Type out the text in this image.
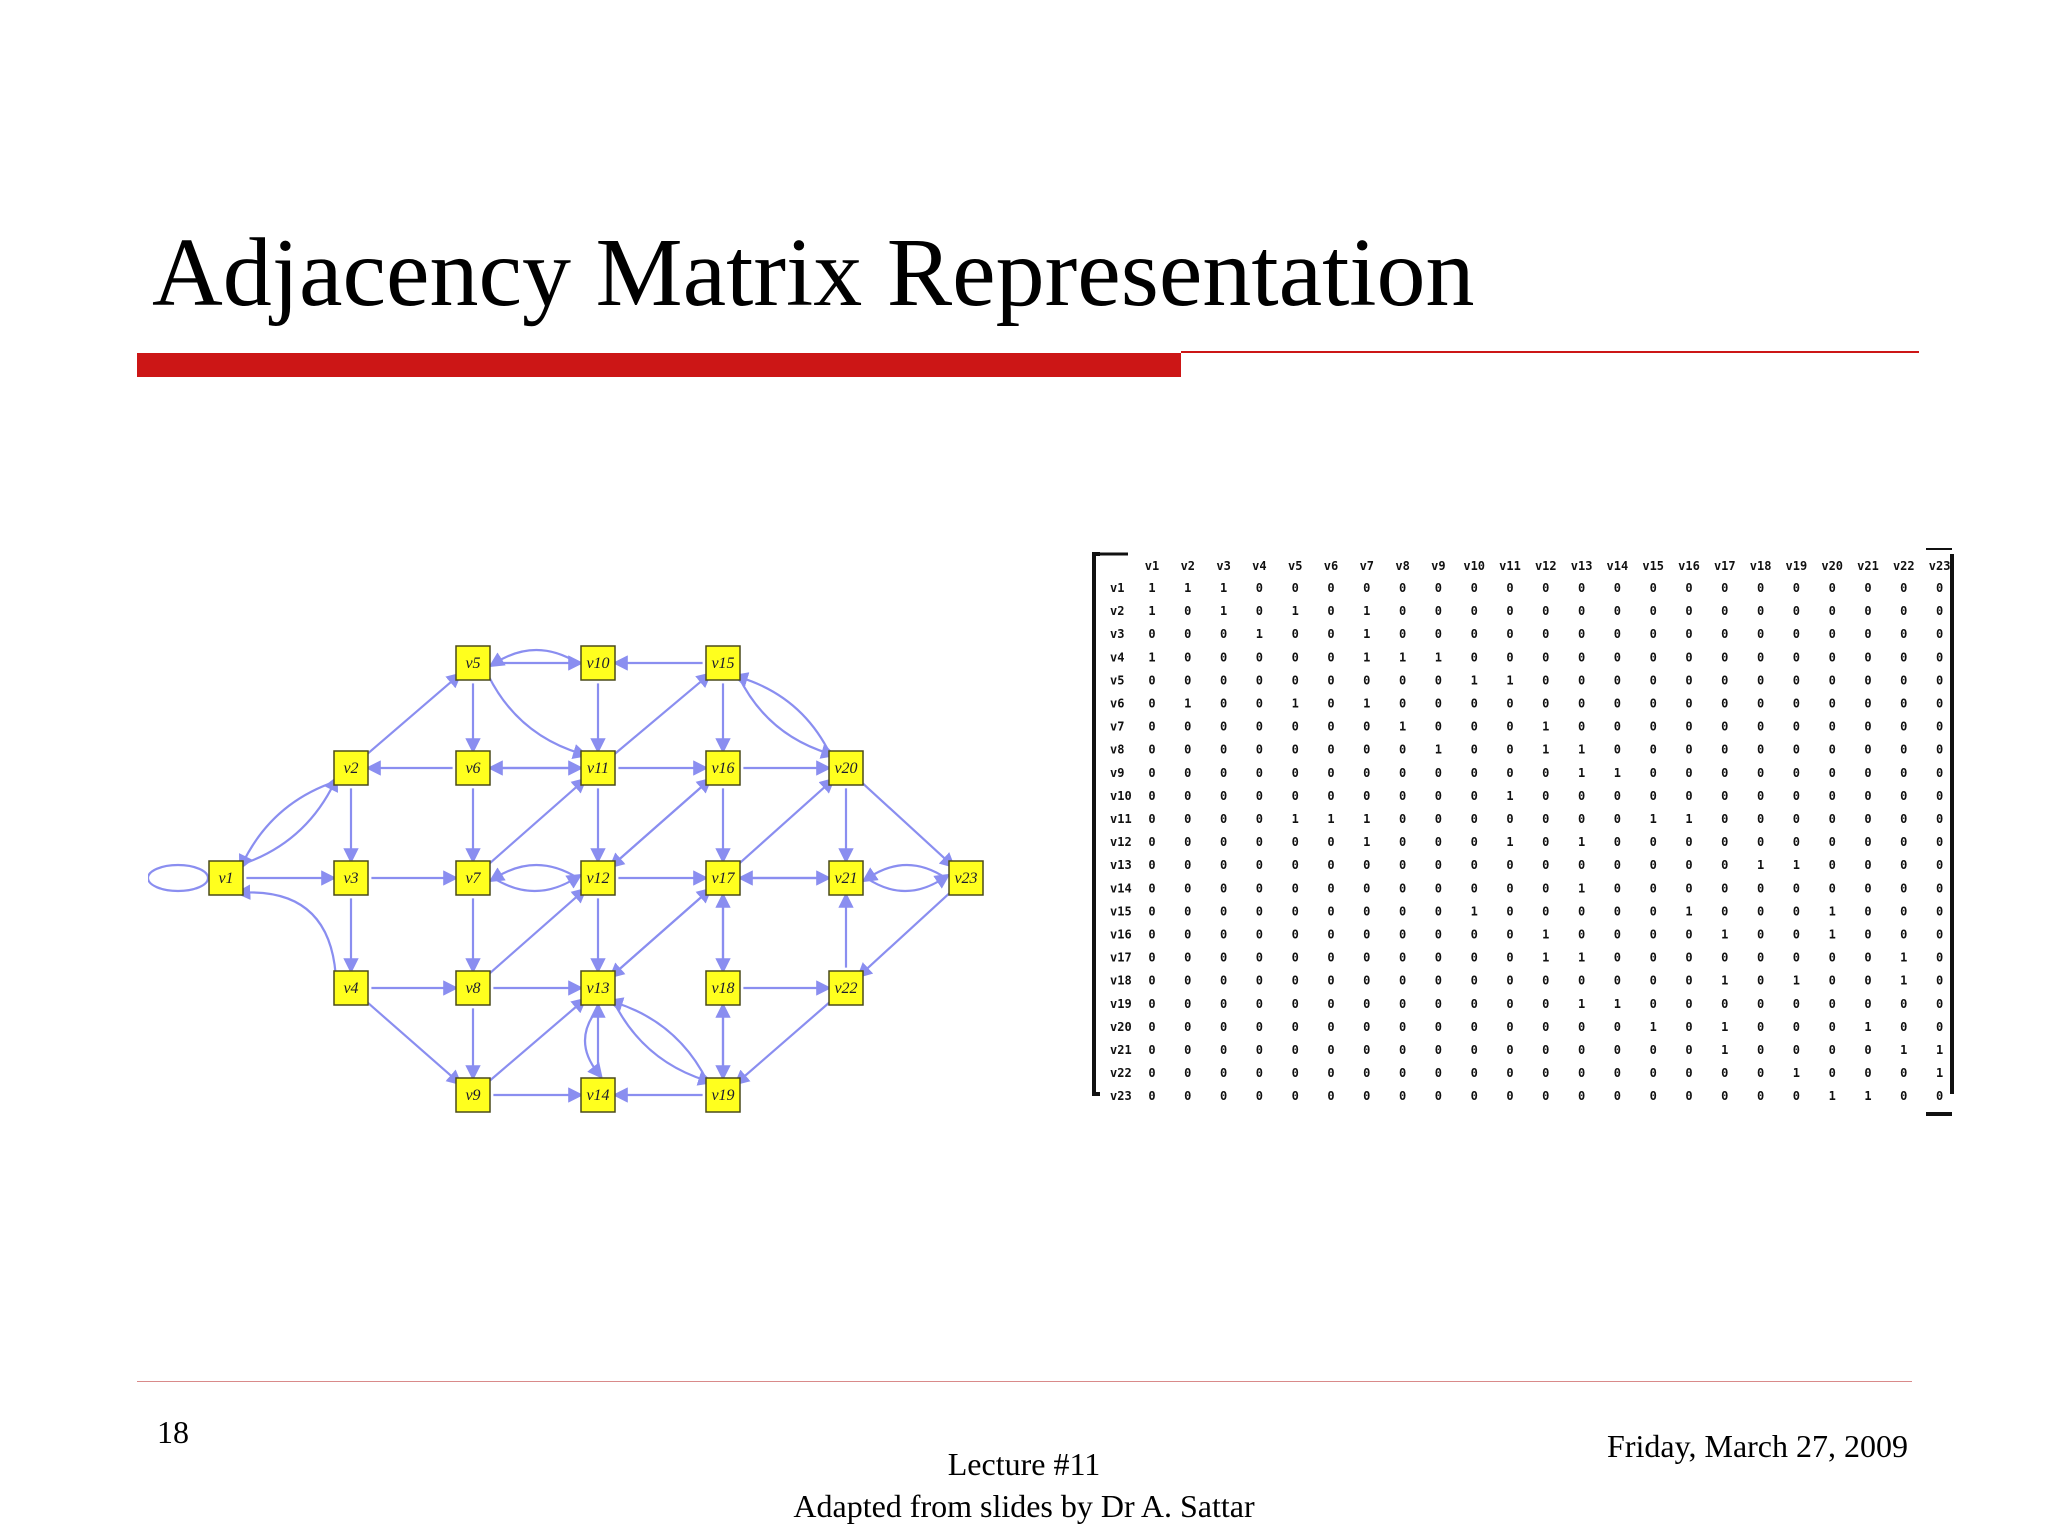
Adjacency Matrix Representation
v1
v2
v3
v4
v5
v6
v7
v8
v9
v10
v11
v12
v13
v14
v15
v16
v17
v18
v19
v20
v21
v22
v23
v1 v2 v3 v4 v5 v6 v7 v8 v9 v10 v11 v12 v13 v14 v15 v16 v17 v18 v19 v20 v21 v22 v23
v1 1 1 1 0 0 0 0 0 0 0 0 0 0 0 0 0 0 0 0 0 0 0 0
v2 1 0 1 0 1 0 1 0 0 0 0 0 0 0 0 0 0 0 0 0 0 0 0
v3 0 0 0 1 0 0 1 0 0 0 0 0 0 0 0 0 0 0 0 0 0 0 0
v4 1 0 0 0 0 0 1 1 1 0 0 0 0 0 0 0 0 0 0 0 0 0 0
v5 0 0 0 0 0 0 0 0 0 1 1 0 0 0 0 0 0 0 0 0 0 0 0
v6 0 1 0 0 1 0 1 0 0 0 0 0 0 0 0 0 0 0 0 0 0 0 0
v7 0 0 0 0 0 0 0 1 0 0 0 1 0 0 0 0 0 0 0 0 0 0 0
v8 0 0 0 0 0 0 0 0 1 0 0 1 1 0 0 0 0 0 0 0 0 0 0
v9 0 0 0 0 0 0 0 0 0 0 0 0 1 1 0 0 0 0 0 0 0 0 0
v10 0 0 0 0 0 0 0 0 0 0 1 0 0 0 0 0 0 0 0 0 0 0 0
v11 0 0 0 0 1 1 1 0 0 0 0 0 0 0 1 1 0 0 0 0 0 0 0
v12 0 0 0 0 0 0 1 0 0 0 1 0 1 0 0 0 0 0 0 0 0 0 0
v13 0 0 0 0 0 0 0 0 0 0 0 0 0 0 0 0 0 1 1 0 0 0 0
v14 0 0 0 0 0 0 0 0 0 0 0 0 1 0 0 0 0 0 0 0 0 0 0
v15 0 0 0 0 0 0 0 0 0 1 0 0 0 0 0 1 0 0 0 1 0 0 0
v16 0 0 0 0 0 0 0 0 0 0 0 1 0 0 0 0 1 0 0 1 0 0 0
v17 0 0 0 0 0 0 0 0 0 0 0 1 1 0 0 0 0 0 0 0 0 1 0
v18 0 0 0 0 0 0 0 0 0 0 0 0 0 0 0 0 1 0 1 0 0 1 0
v19 0 0 0 0 0 0 0 0 0 0 0 0 1 1 0 0 0 0 0 0 0 0 0
v20 0 0 0 0 0 0 0 0 0 0 0 0 0 0 1 0 1 0 0 0 1 0 0
v21 0 0 0 0 0 0 0 0 0 0 0 0 0 0 0 0 1 0 0 0 0 1 1
v22 0 0 0 0 0 0 0 0 0 0 0 0 0 0 0 0 0 0 1 0 0 0 1
v23 0 0 0 0 0 0 0 0 0 0 0 0 0 0 0 0 0 0 0 1 1 0 0
18
Lecture #11
Adapted from slides by Dr A. Sattar
Friday, March 27, 2009
